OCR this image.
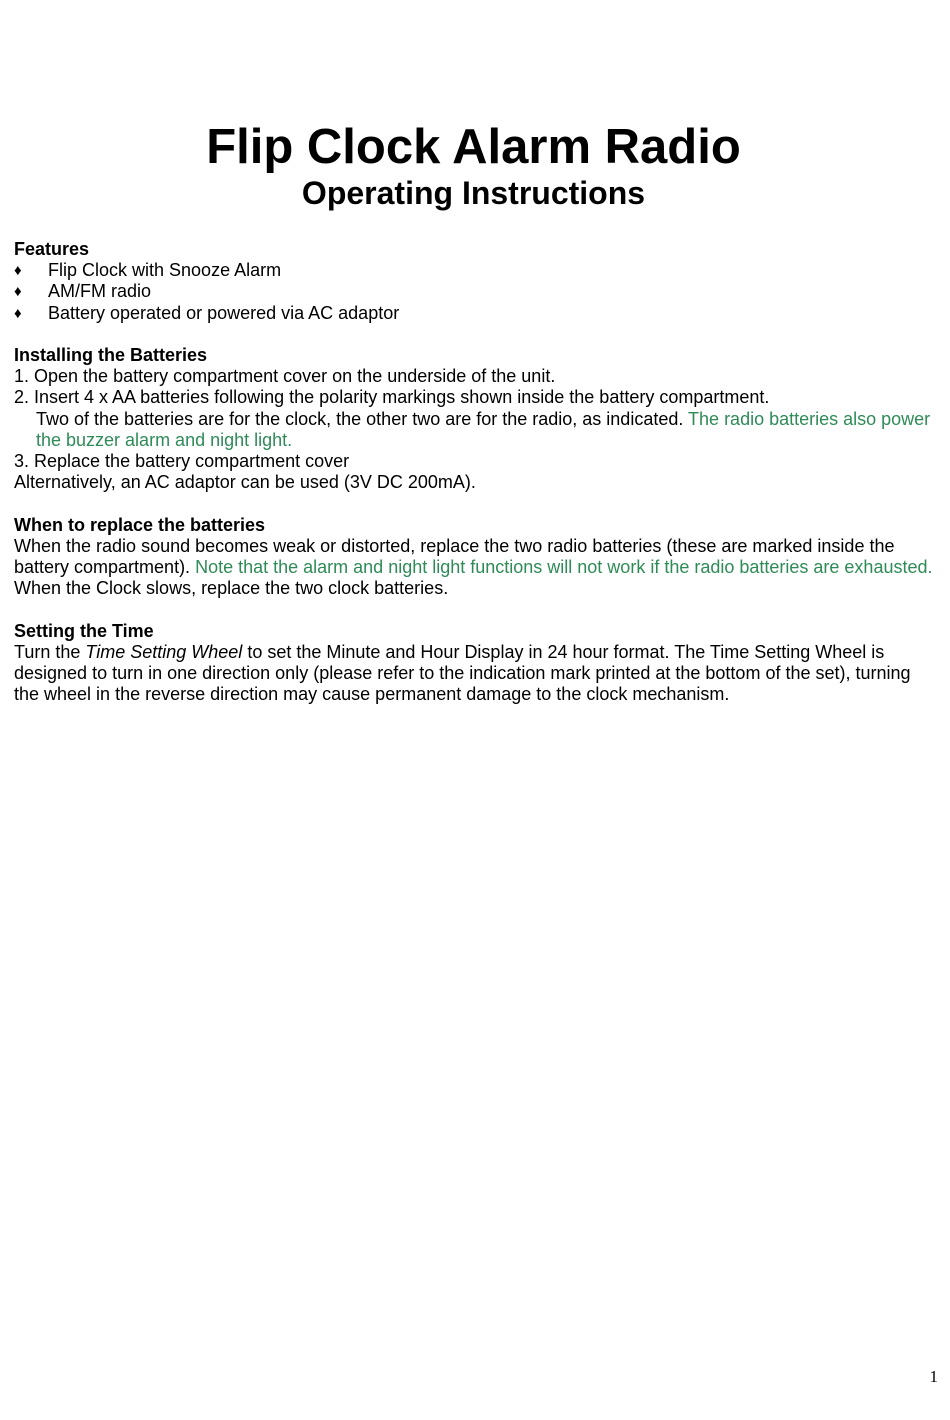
Flip Clock Alarm Radio
Operating Instructions

Features

♦	Flip Clock with Snooze Alarm

♦	AM/FM radio

♦	Battery operated or powered via AC adaptor

Installing the Batteries

1. Open the battery compartment cover on the underside of the unit.

2. Insert 4 x AA batteries following the polarity markings shown inside the battery compartment.

Two of the batteries are for the clock, the other two are for the radio, as indicated. The radio batteries also power the buzzer alarm and night light.

3. Replace the battery compartment cover

Alternatively, an AC adaptor can be used (3V DC 200mA).

When to replace the batteries

When the radio sound becomes weak or distorted, replace the two radio batteries (these are marked inside the battery compartment). Note that the alarm and night light functions will not work if the radio batteries are exhausted. When the Clock slows, replace the two clock batteries.

Setting the Time

Turn the Time Setting Wheel to set the Minute and Hour Display in 24 hour format. The Time Setting Wheel is designed to turn in one direction only (please refer to the indication mark printed at the bottom of the set), turning the wheel in the reverse direction may cause permanent damage to the clock mechanism.

1
